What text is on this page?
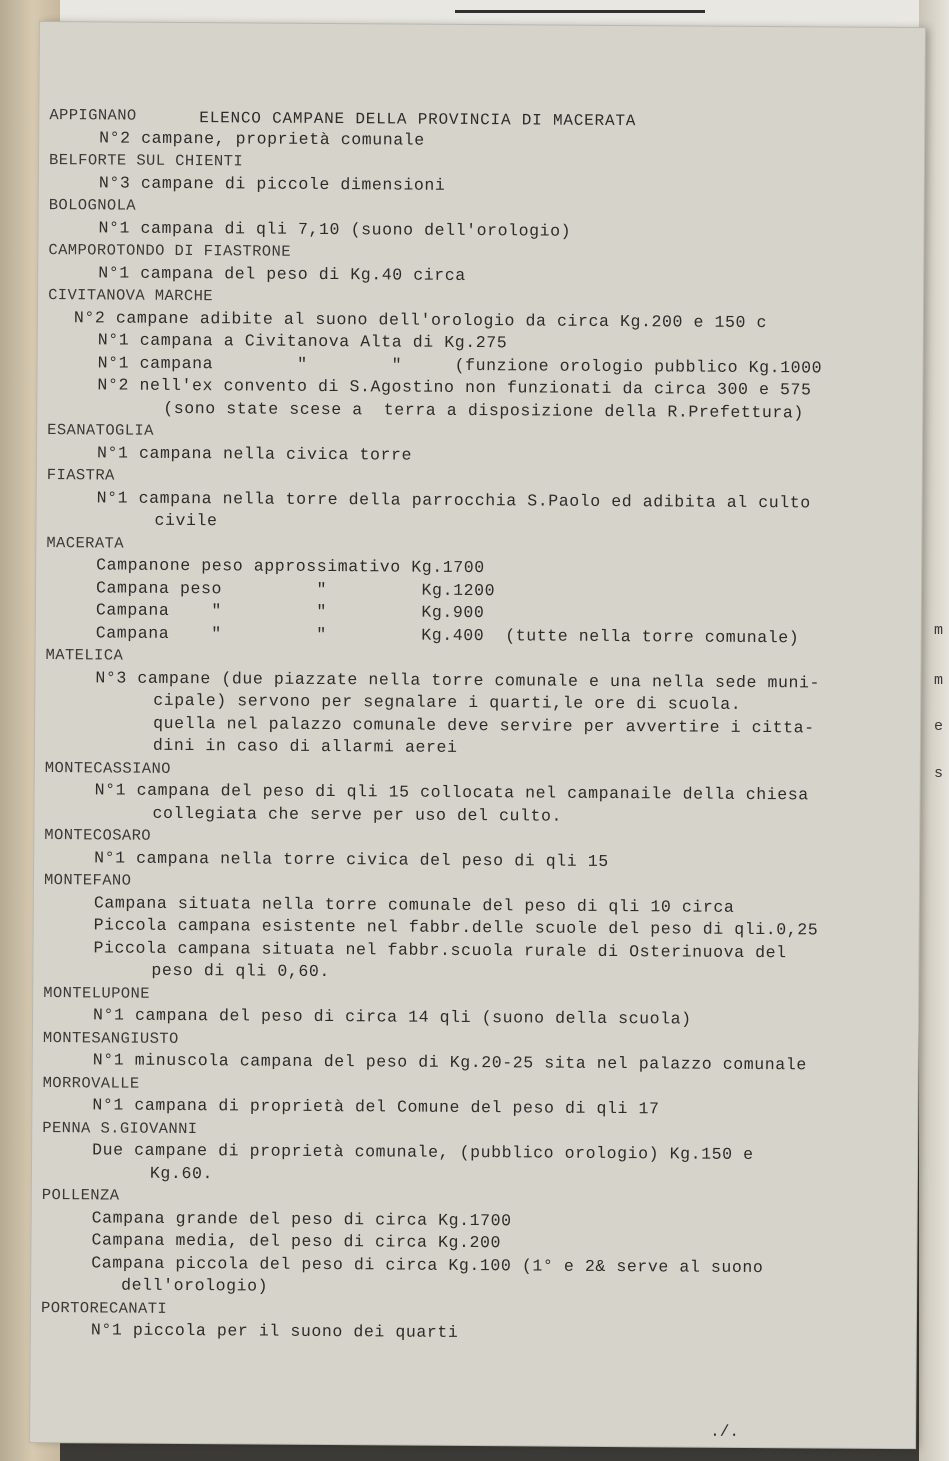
m
m
e
s
ELENCO CAMPANE DELLA PROVINCIA DI MACERATA
APPIGNANO
N°2 campane, proprietà comunale
BELFORTE SUL CHIENTI
N°3 campane di piccole dimensioni
BOLOGNOLA
N°1 campana di qli 7,10 (suono dell'orologio)
CAMPOROTONDO DI FIASTRONE
N°1 campana del peso di Kg.40 circa
CIVITANOVA MARCHE
N°2 campane adibite al suono dell'orologio da circa Kg.200 e 150 c
N°1 campana a Civitanova Alta di Kg.275
N°1 campana        "        "     (funzione orologio pubblico Kg.1000
N°2 nell'ex convento di S.Agostino non funzionati da circa 300 e 575
(sono state scese a  terra a disposizione della R.Prefettura)
ESANATOGLIA
N°1 campana nella civica torre
FIASTRA
N°1 campana nella torre della parrocchia S.Paolo ed adibita al culto
civile
MACERATA
Campanone peso approssimativo Kg.1700
Campana peso         "         Kg.1200
Campana    "         "         Kg.900
Campana    "         "         Kg.400  (tutte nella torre comunale)
MATELICA
N°3 campane (due piazzate nella torre comunale e una nella sede muni-
cipale) servono per segnalare i quarti,le ore di scuola.
quella nel palazzo comunale deve servire per avvertire i citta-
dini in caso di allarmi aerei
MONTECASSIANO
N°1 campana del peso di qli 15 collocata nel campanaile della chiesa
collegiata che serve per uso del culto.
MONTECOSARO
N°1 campana nella torre civica del peso di qli 15
MONTEFANO
Campana situata nella torre comunale del peso di qli 10 circa
Piccola campana esistente nel fabbr.delle scuole del peso di qli.0,25
Piccola campana situata nel fabbr.scuola rurale di Osterinuova del
peso di qli 0,60.
MONTELUPONE
N°1 campana del peso di circa 14 qli (suono della scuola)
MONTESANGIUSTO
N°1 minuscola campana del peso di Kg.20-25 sita nel palazzo comunale
MORROVALLE
N°1 campana di proprietà del Comune del peso di qli 17
PENNA S.GIOVANNI
Due campane di proprietà comunale, (pubblico orologio) Kg.150 e
Kg.60.
POLLENZA
Campana grande del peso di circa Kg.1700
Campana media, del peso di circa Kg.200
Campana piccola del peso di circa Kg.100 (1° e 2& serve al suono
dell'orologio)
PORTORECANATI
N°1 piccola per il suono dei quarti
./.
